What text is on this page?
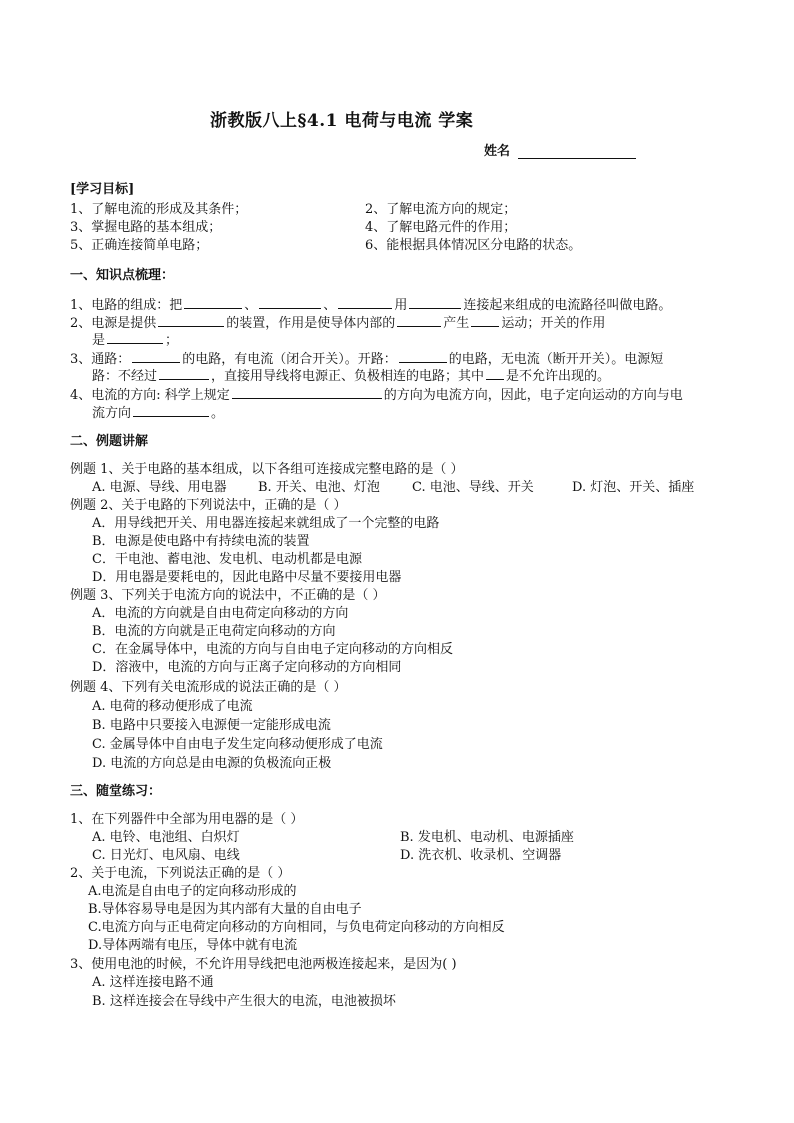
浙教版八上§4.1 电荷与电流 学案
姓名
[学习目标]
1、了解电流的形成及其条件；	2、了解电流方向的规定；
3、掌握电路的基本组成；	4、了解电路元件的作用；
5、正确连接简单电路；	6、能根据具体情况区分电路的状态。
一、知识点梳理：
1、电路的组成：把	、	、	用	连接起来组成的电流路径叫做电路。
2、电源是提供	的装置，作用是使导体内部的	产生 运动；开关的作用
是	；
3、通路：	的电路，有电流（闭合开关）。开路：	的电路，无电流（断开开关）。电源短
路：不经过	，直接用导线将电源正、负极相连的电路；其中 是不允许出现的。
4、电流的方向: 科学上规定	的方向为电流方向，因此，电子定向运动的方向与电
流方向	。
二、例题讲解
例题 1、关于电路的基本组成，以下各组可连接成完整电路的是（ ）
A. 电源、导线、用电器 B. 开关、电池、灯泡 C. 电池、导线、开关	D. 灯泡、开关、插座
例题 2、关于电路的下列说法中，正确的是（ ）
A．用导线把开关、用电器连接起来就组成了一个完整的电路
B．电源是使电路中有持续电流的装置
C．干电池、蓄电池、发电机、电动机都是电源
D．用电器是要耗电的，因此电路中尽量不要接用电器
例题 3、下列关于电流方向的说法中，不正确的是（ ）
A．电流的方向就是自由电荷定向移动的方向
B．电流的方向就是正电荷定向移动的方向
C．在金属导体中，电流的方向与自由电子定向移动的方向相反
D．溶液中，电流的方向与正离子定向移动的方向相同
例题 4、下列有关电流形成的说法正确的是（ ）
A. 电荷的移动便形成了电流
B. 电路中只要接入电源便一定能形成电流
C. 金属导体中自由电子发生定向移动便形成了电流
D. 电流的方向总是由电源的负极流向正极
三、随堂练习：
1、在下列器件中全部为用电器的是（ ）
A. 电铃、电池组、白炽灯	B. 发电机、电动机、电源插座
C. 日光灯、电风扇、电线	D. 洗衣机、收录机、空调器
2、关于电流，下列说法正确的是（ ）
A.电流是自由电子的定向移动形成的
B.导体容易导电是因为其内部有大量的自由电子
C.电流方向与正电荷定向移动的方向相同，与负电荷定向移动的方向相反
D.导体两端有电压，导体中就有电流
3、使用电池的时候，不允许用导线把电池两极连接起来，是因为( )
A. 这样连接电路不通
B. 这样连接会在导线中产生很大的电流，电池被损坏
